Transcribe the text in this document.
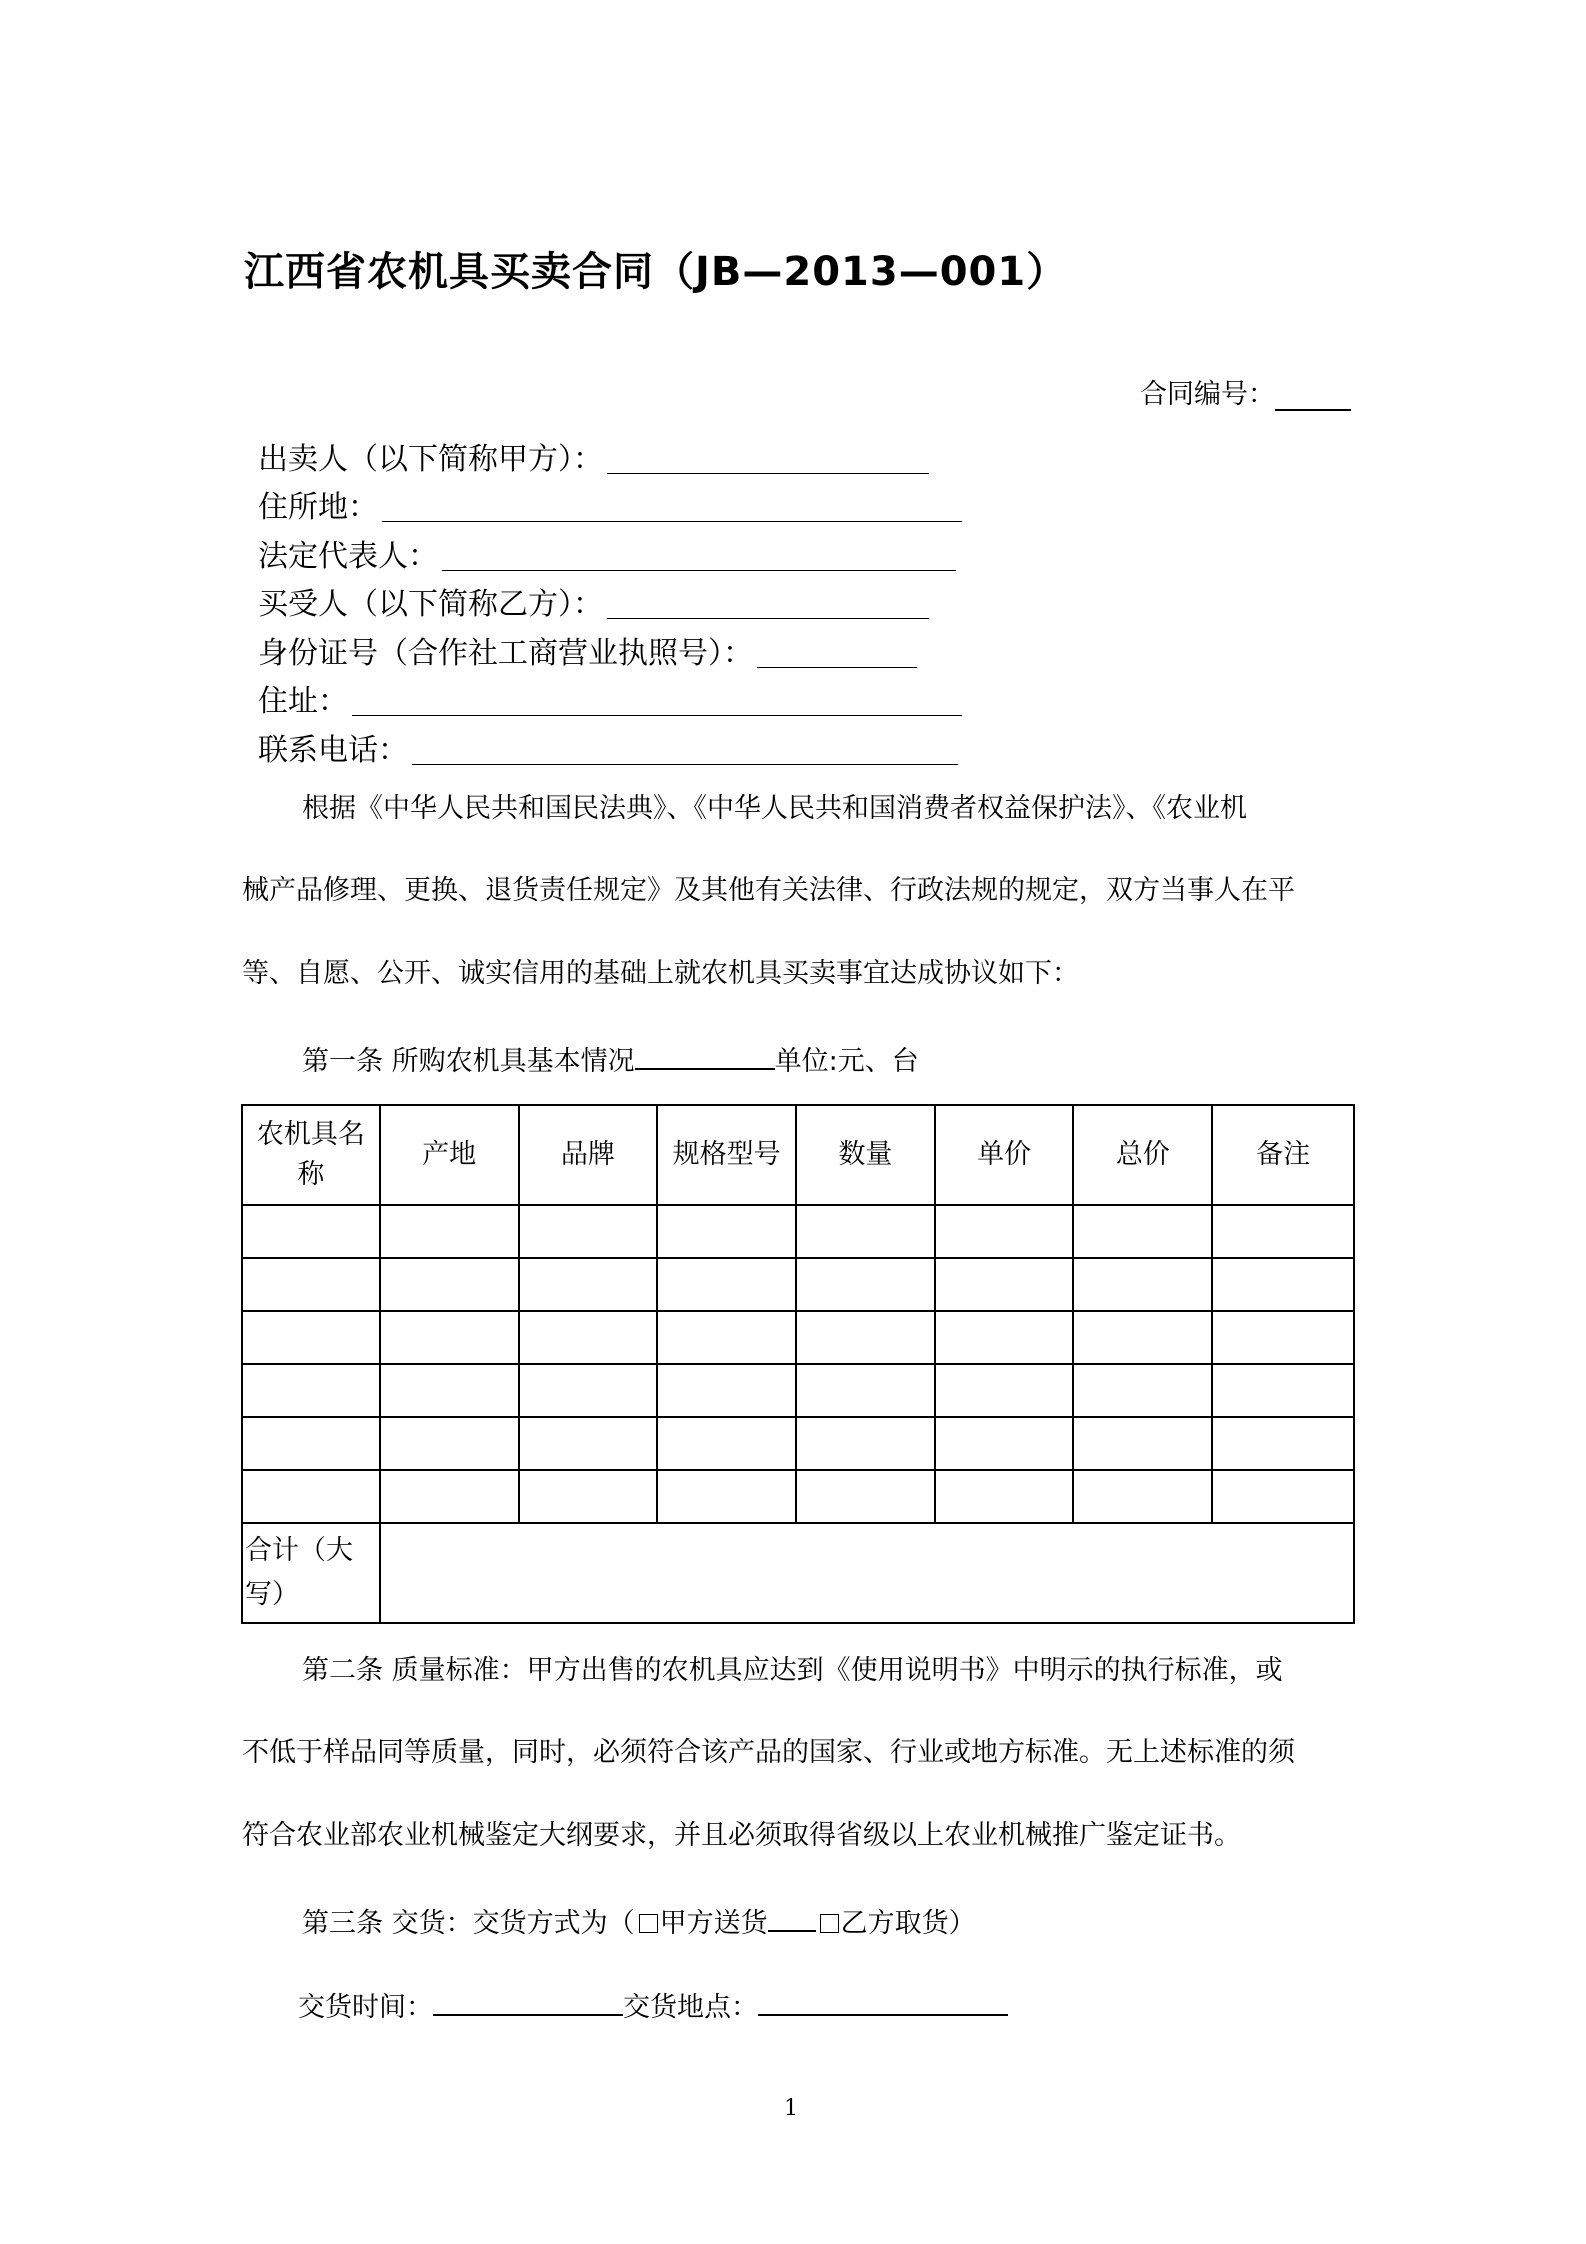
江西省农机具买卖合同（JB—2013—001）
合同编号：
出卖人（以下简称甲方）：
住所地：
法定代表人：
买受人（以下简称乙方）：
身份证号（合作社工商营业执照号）：
住址：
联系电话：
根据《中华人民共和国民法典》、《中华人民共和国消费者权益保护法》、《农业机
械产品修理、更换、退货责任规定》及其他有关法律、行政法规的规定，双方当事人在平
等、自愿、公开、诚实信用的基础上就农机具买卖事宜达成协议如下：
第一条 所购农机具基本情况	单位:元、台
农机具名
称	产地	品牌	规格型号	数量	单价	总价	备注

合计（大
写）							
第二条 质量标准：甲方出售的农机具应达到《使用说明书》中明示的执行标准，或
不低于样品同等质量，同时，必须符合该产品的国家、行业或地方标准。无上述标准的须
符合农业部农业机械鉴定大纲要求，并且必须取得省级以上农业机械推广鉴定证书。
第三条 交货：交货方式为（ 甲方送货	乙方取货）
交货时间：	交货地点：
1
